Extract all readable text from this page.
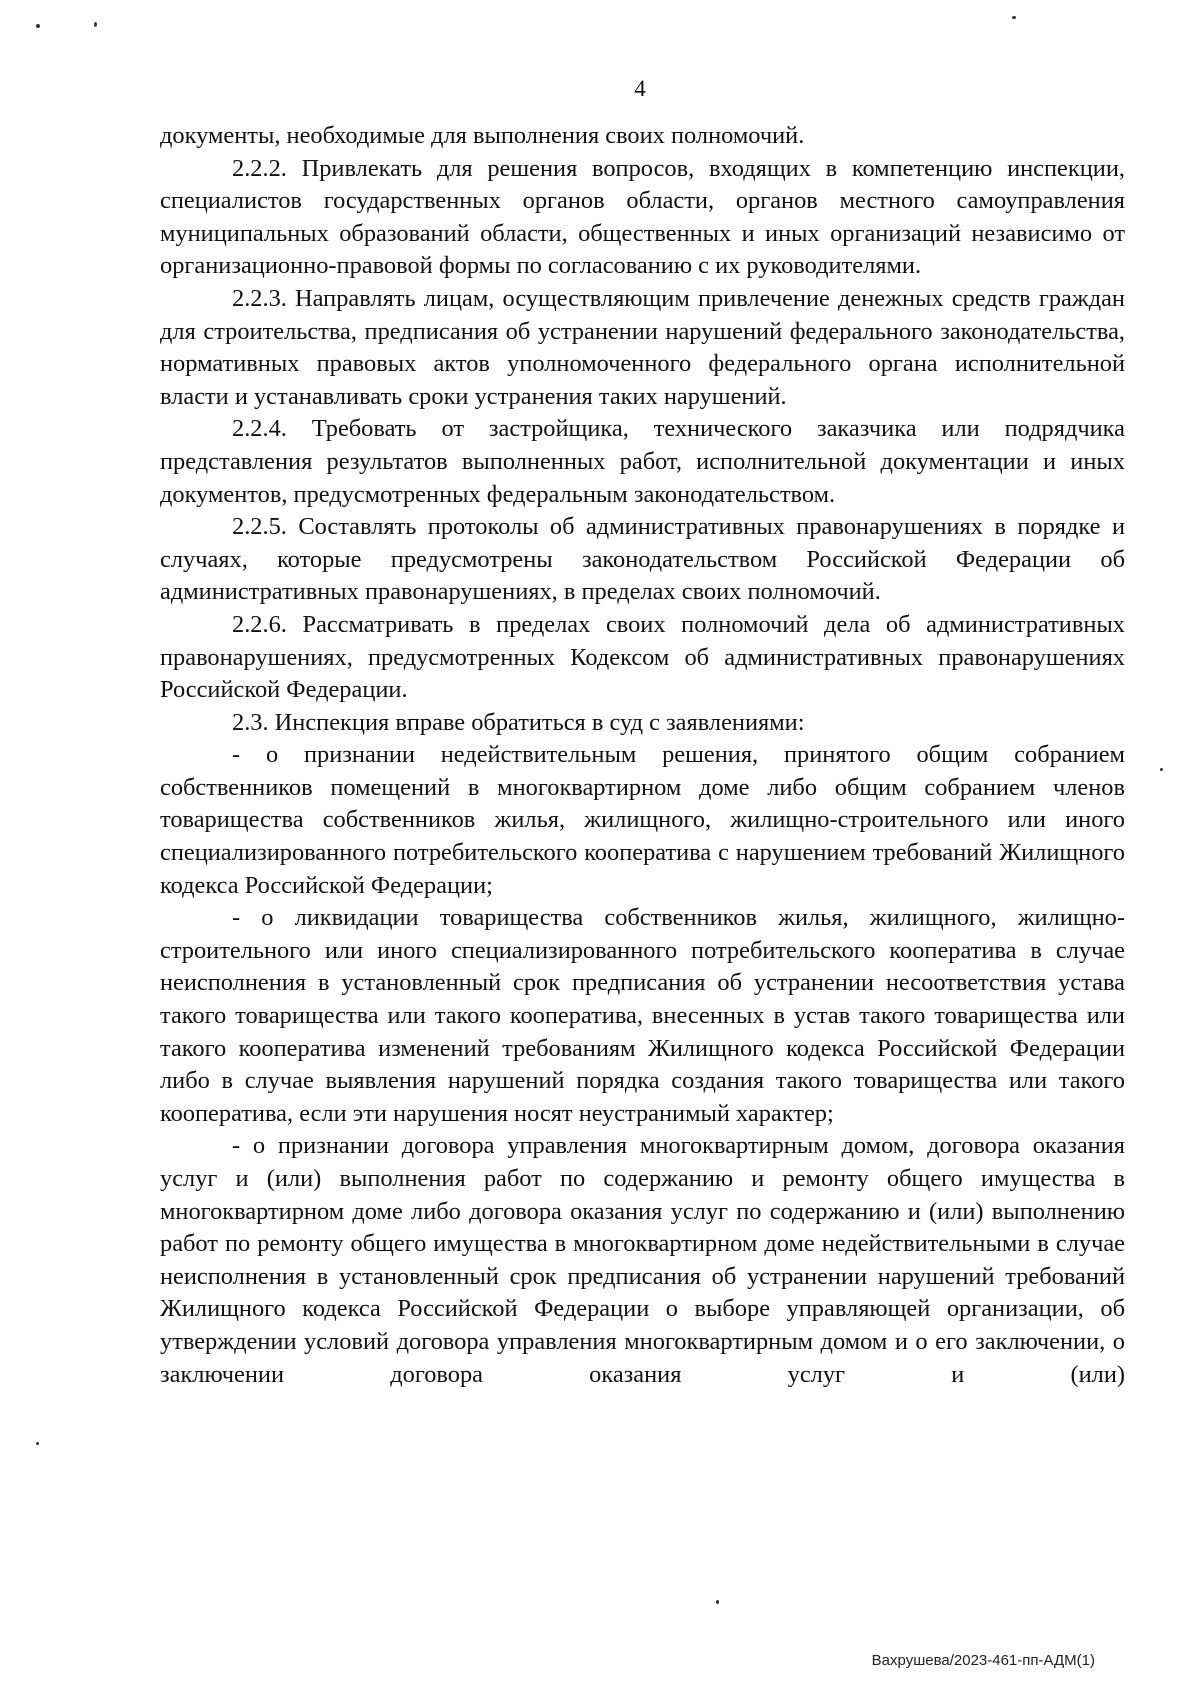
4

документы, необходимые для выполнения своих полномочий.

2.2.2. Привлекать для решения вопросов, входящих в компетенцию инспекции, специалистов государственных органов области, органов местного самоуправления муниципальных образований области, общественных и иных организаций независимо от организационно-правовой формы по согласованию с их руководителями.

2.2.3. Направлять лицам, осуществляющим привлечение денежных средств граждан для строительства, предписания об устранении нарушений федерального законодательства, нормативных правовых актов уполномоченного федерального органа исполнительной власти и устанавливать сроки устранения таких нарушений.

2.2.4. Требовать от застройщика, технического заказчика или подрядчика представления результатов выполненных работ, исполнительной документации и иных документов, предусмотренных федеральным законодательством.

2.2.5. Составлять протоколы об административных правонарушениях в порядке и случаях, которые предусмотрены законодательством Российской Федерации об административных правонарушениях, в пределах своих полномочий.

2.2.6. Рассматривать в пределах своих полномочий дела об административных правонарушениях, предусмотренных Кодексом об административных правонарушениях Российской Федерации.

2.3. Инспекция вправе обратиться в суд с заявлениями:

- о признании недействительным решения, принятого общим собранием собственников помещений в многоквартирном доме либо общим собранием членов товарищества собственников жилья, жилищного, жилищно-строительного или иного специализированного потребительского кооператива с нарушением требований Жилищного кодекса Российской Федерации;

- о ликвидации товарищества собственников жилья, жилищного, жилищно-строительного или иного специализированного потребительского кооператива в случае неисполнения в установленный срок предписания об устранении несоответствия устава такого товарищества или такого кооператива, внесенных в устав такого товарищества или такого кооператива изменений требованиям Жилищного кодекса Российской Федерации либо в случае выявления нарушений порядка создания такого товарищества или такого кооператива, если эти нарушения носят неустранимый характер;

- о признании договора управления многоквартирным домом, договора оказания услуг и (или) выполнения работ по содержанию и ремонту общего имущества в многоквартирном доме либо договора оказания услуг по содержанию и (или) выполнению работ по ремонту общего имущества в многоквартирном доме недействительными в случае неисполнения в установленный срок предписания об устранении нарушений требований Жилищного кодекса Российской Федерации о выборе управляющей организации, об утверждении условий договора управления многоквартирным домом и о его заключении, о заключении договора оказания услуг и (или)

Вахрушева/2023-461-пп-АДМ(1)
